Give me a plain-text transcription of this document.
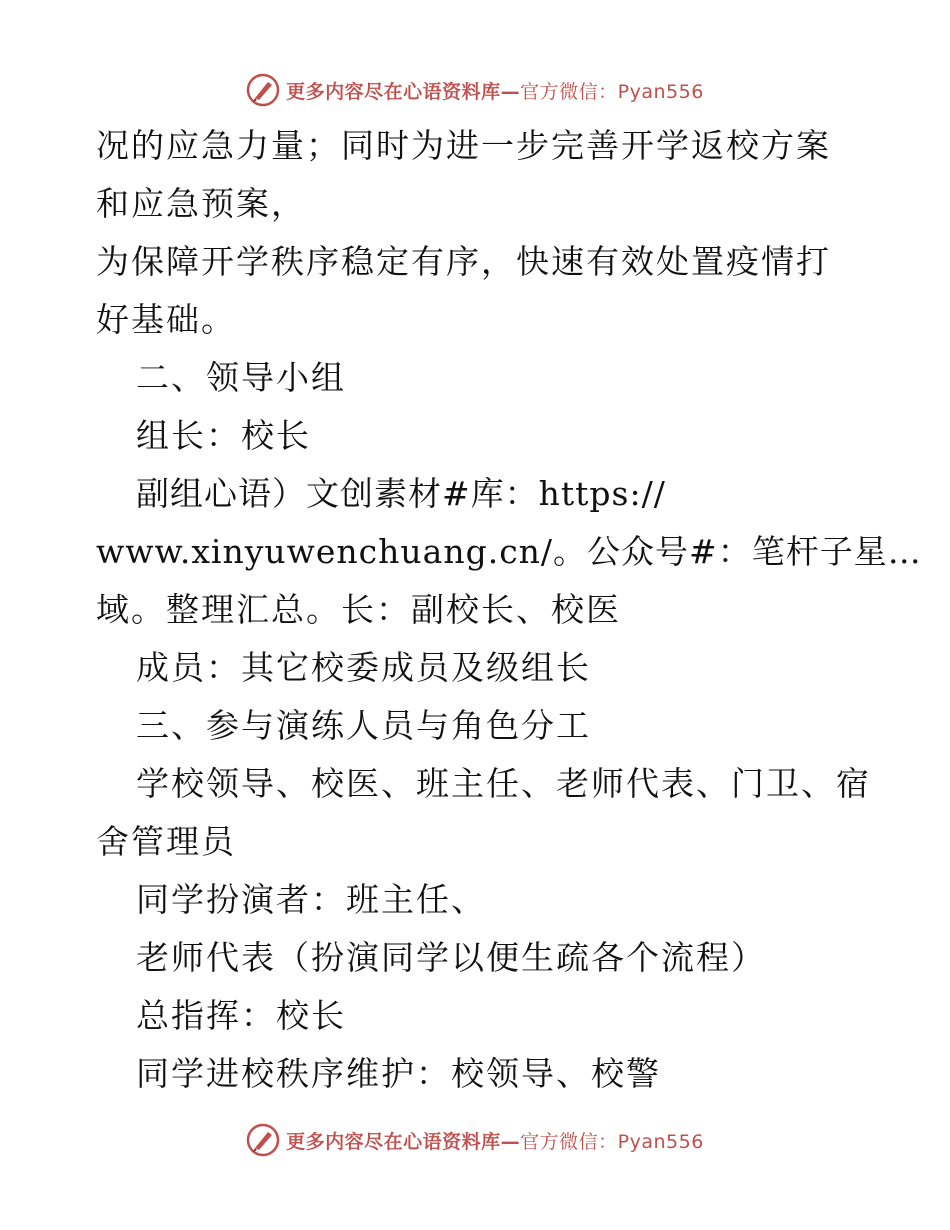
更多内容尽在心语资料库—官方微信：Pyan556
况的应急力量；同时为进一步完善开学返校方案
和应急预案，
为保障开学秩序稳定有序，快速有效处置疫情打
好基础。
二、领导小组
组长：校长
副组心语）文创素材#库：https://
www.xinyuwenchuang.cn/。公众号#：笔杆子星…
域。整理汇总。长：副校长、校医
成员：其它校委成员及级组长
三、参与演练人员与角色分工
学校领导、校医、班主任、老师代表、门卫、宿
舍管理员
同学扮演者：班主任、
老师代表（扮演同学以便生疏各个流程）
总指挥：校长
同学进校秩序维护：校领导、校警
更多内容尽在心语资料库—官方微信：Pyan556
